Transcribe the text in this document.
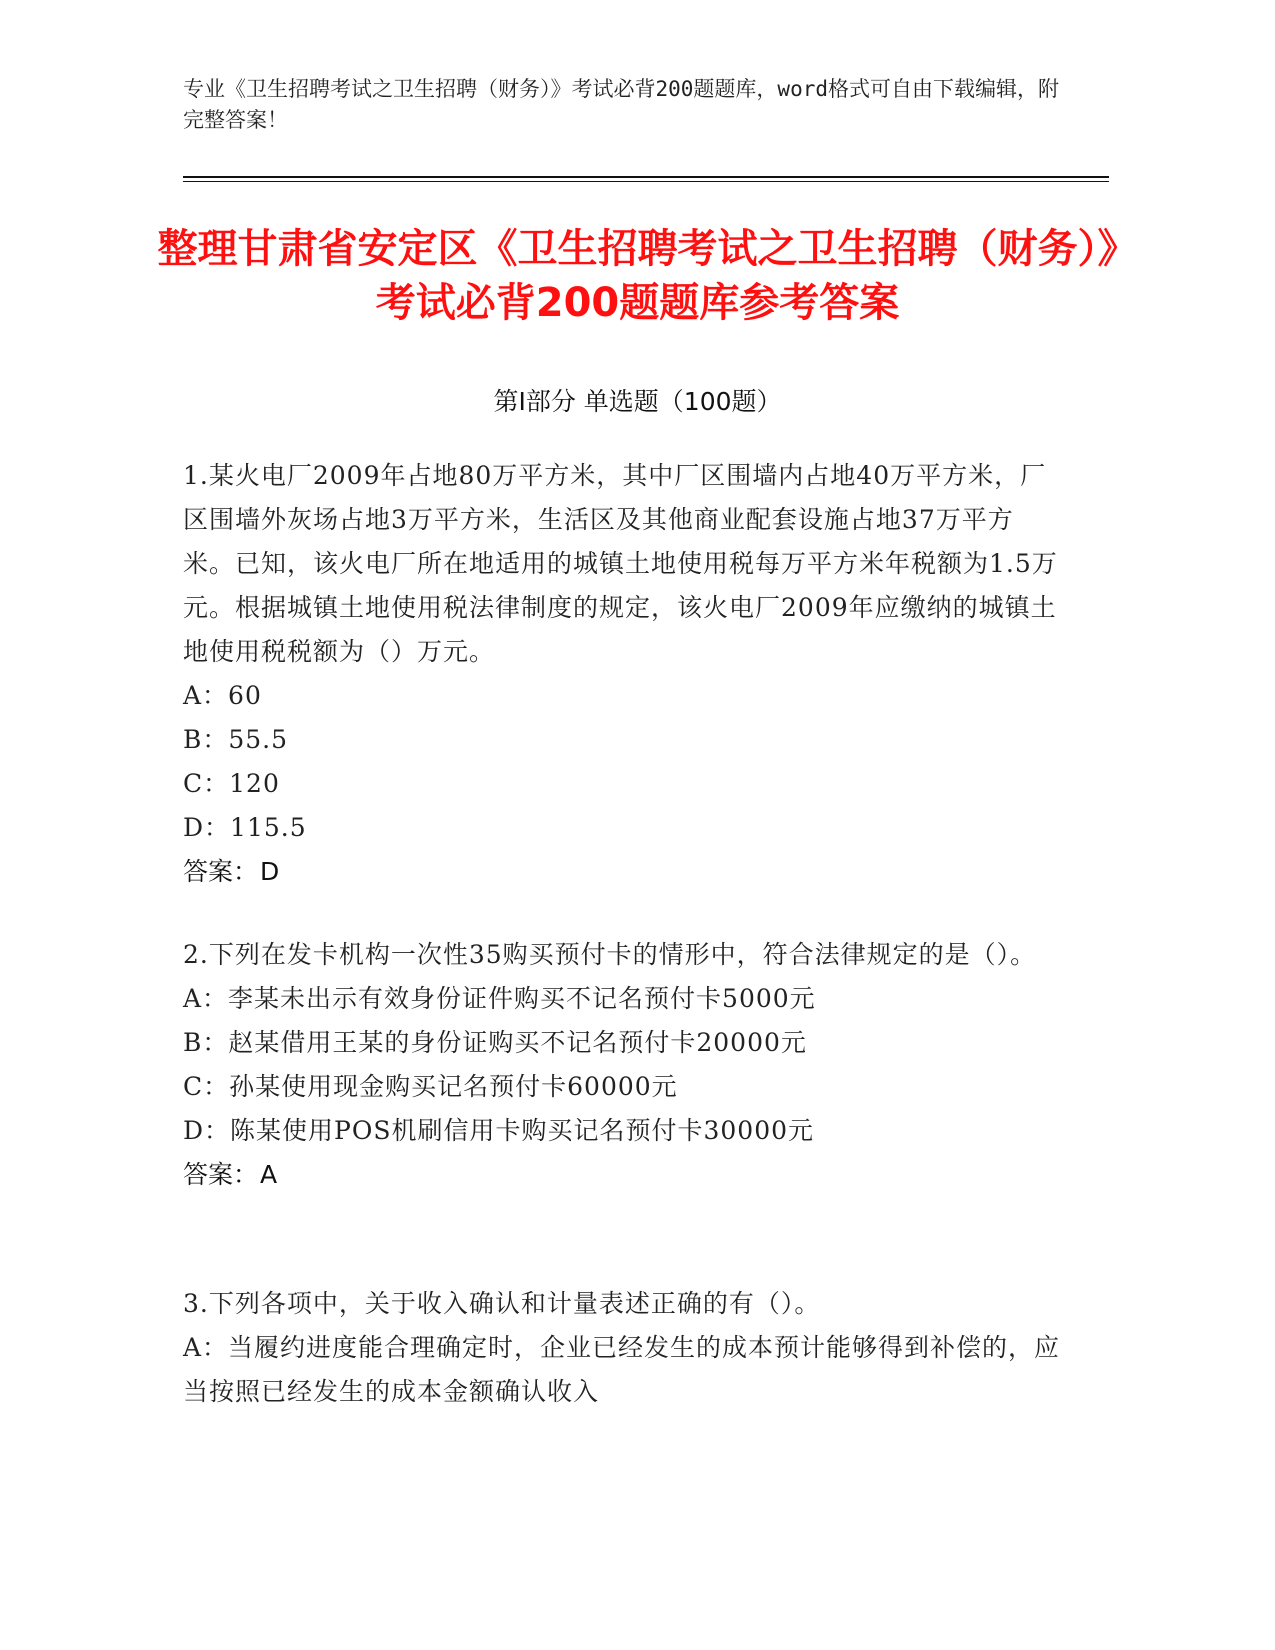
专业《卫生招聘考试之卫生招聘（财务）》考试必背200题题库，word格式可自由下载编辑，附完整答案！
整理甘肃省安定区《卫生招聘考试之卫生招聘（财务）》考试必背200题题库参考答案
第Ⅰ部分 单选题（100题）

1.某火电厂2009年占地80万平方米，其中厂区围墙内占地40万平方米，厂区围墙外灰场占地3万平方米，生活区及其他商业配套设施占地37万平方米。已知，该火电厂所在地适用的城镇土地使用税每万平方米年税额为1.5万元。根据城镇土地使用税法律制度的规定，该火电厂2009年应缴纳的城镇土地使用税税额为（）万元。

A：60

B：55.5

C：120

D：115.5

答案：D

2.下列在发卡机构一次性35购买预付卡的情形中，符合法律规定的是（）。

A：李某未出示有效身份证件购买不记名预付卡5000元

B：赵某借用王某的身份证购买不记名预付卡20000元

C：孙某使用现金购买记名预付卡60000元

D：陈某使用POS机刷信用卡购买记名预付卡30000元

答案：A

3.下列各项中，关于收入确认和计量表述正确的有（）。

A：当履约进度能合理确定时，企业已经发生的成本预计能够得到补偿的，应当按照已经发生的成本金额确认收入
